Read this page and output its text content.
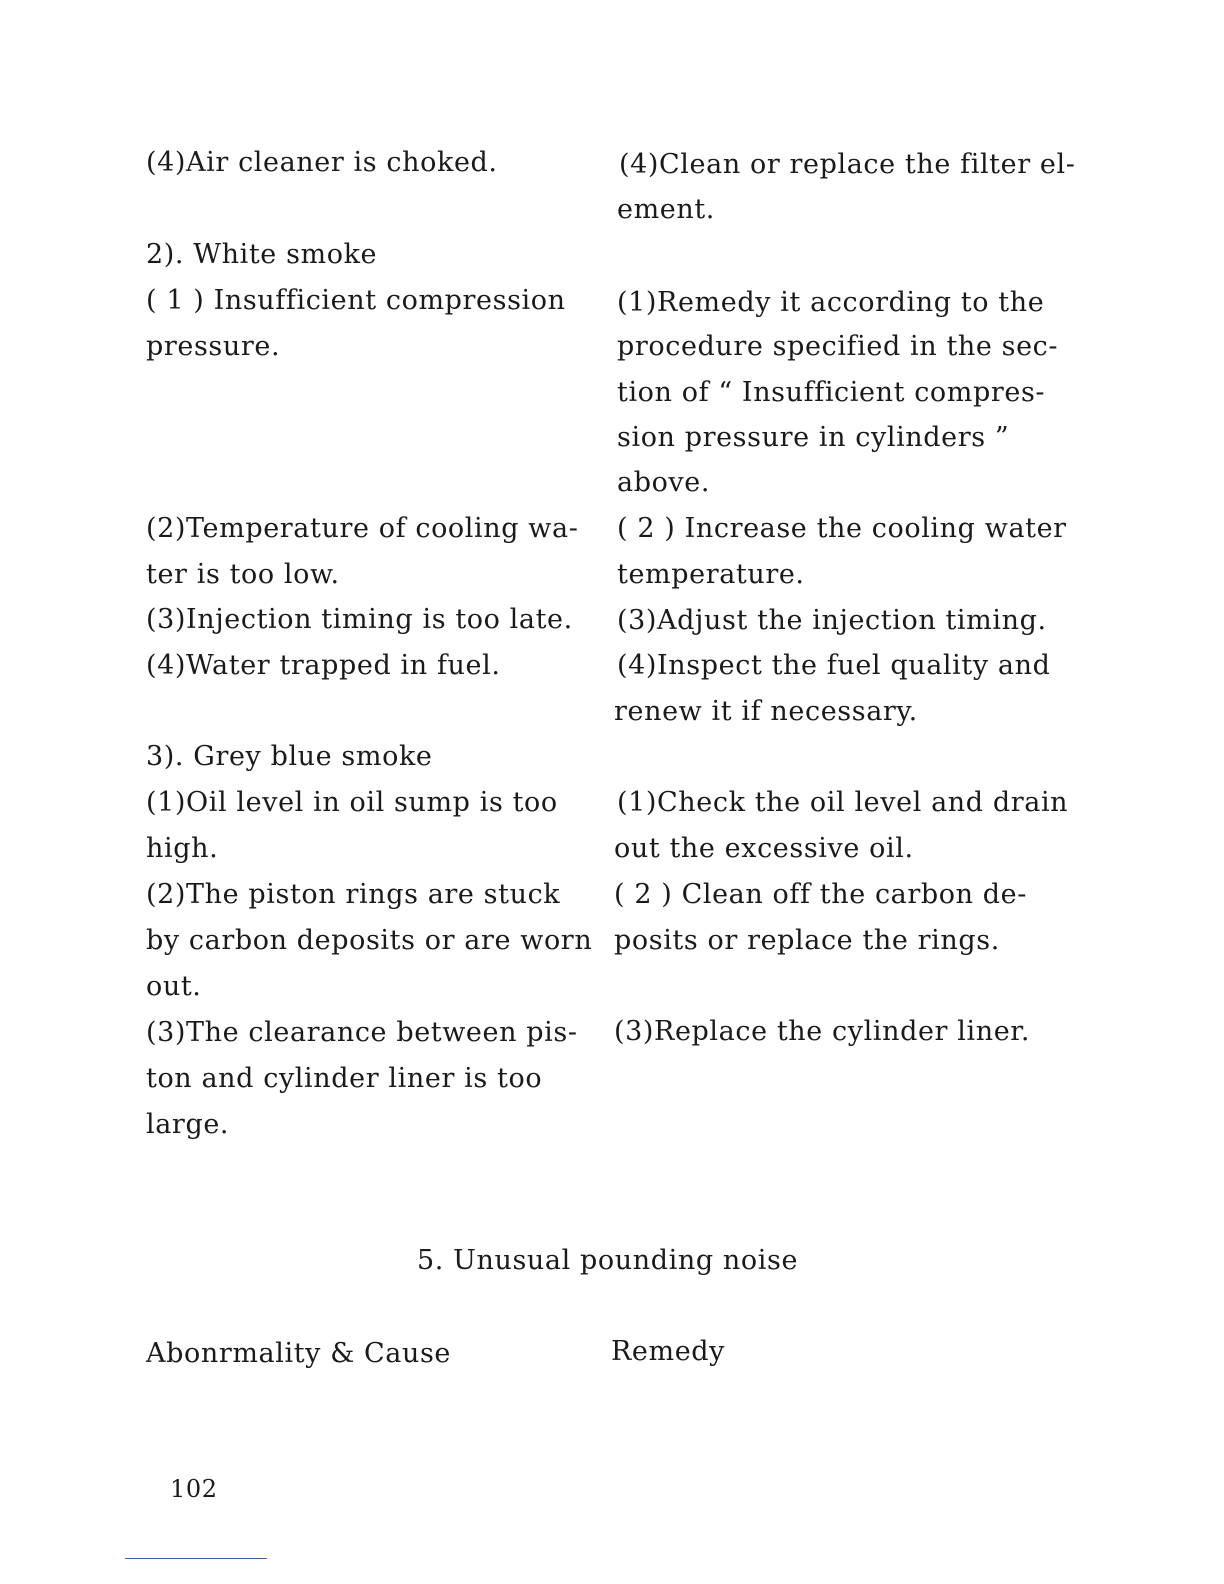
(4)Air cleaner is choked.
2). White smoke
( 1 ) Insufficient compression
pressure.
(2)Temperature of cooling wa-
ter is too low.
(3)Injection timing is too late.
(4)Water trapped in fuel.
3). Grey blue smoke
(1)Oil level in oil sump is too
high.
(2)The piston rings are stuck
by carbon deposits or are worn
out.
(3)The clearance between pis-
ton and cylinder liner is too
large.
(4)Clean or replace the filter el-
ement.
(1)Remedy it according to the
procedure specified in the sec-
tion of “ Insufficient compres-
sion pressure in cylinders ”
above.
( 2 ) Increase the cooling water
temperature.
(3)Adjust the injection timing.
(4)Inspect the fuel quality and
renew it if necessary.
(1)Check the oil level and drain
out the excessive oil.
( 2 ) Clean off the carbon de-
posits or replace the rings.
(3)Replace the cylinder liner.
5. Unusual pounding noise
Abonrmality & Cause	Remedy
102
